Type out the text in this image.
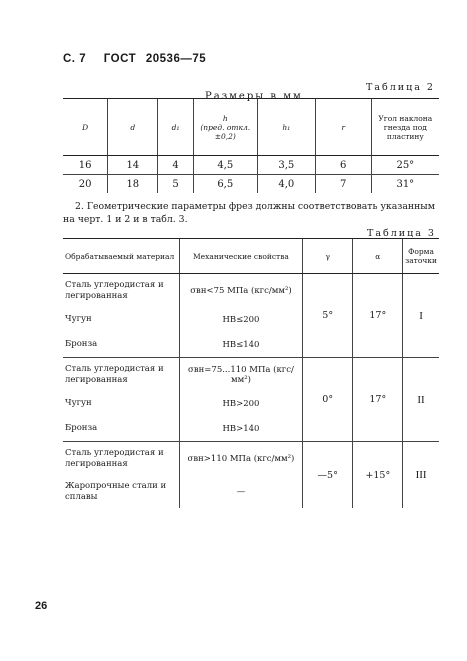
С. 7 ГОСТ 20536—75
Таблица 2
Размеры в мм
D	d	d₁	h
(пред. откл.
±0,2)	h₁	r	Угол наклона
гнезда под
пластину
16	14	4	4,5	3,5	6	25°
20	18	5	6,5	4,0	7	31°
2. Геометрические параметры фрез должны соответствовать указанным на черт. 1 и 2 и в табл. 3.
Таблица 3
Обрабатываемый материал	Механические свойства	γ	α	Форма
заточки
Сталь углеродистая и легированная	σвн<75 МПа (кгс/мм²)	5°	17°	I
Чугун	НВ≤200			
Бронза	НВ≤140			
Сталь углеродистая и легированная	σвн=75...110 МПа (кгс/мм²)	0°	17°	II
Чугун	НВ>200			
Бронза	НВ>140			
Сталь углеродистая и легированная	σвн>110 МПа (кгс/мм²)	—5°	+15°	III
Жаропрочные стали и сплавы	—			
26
